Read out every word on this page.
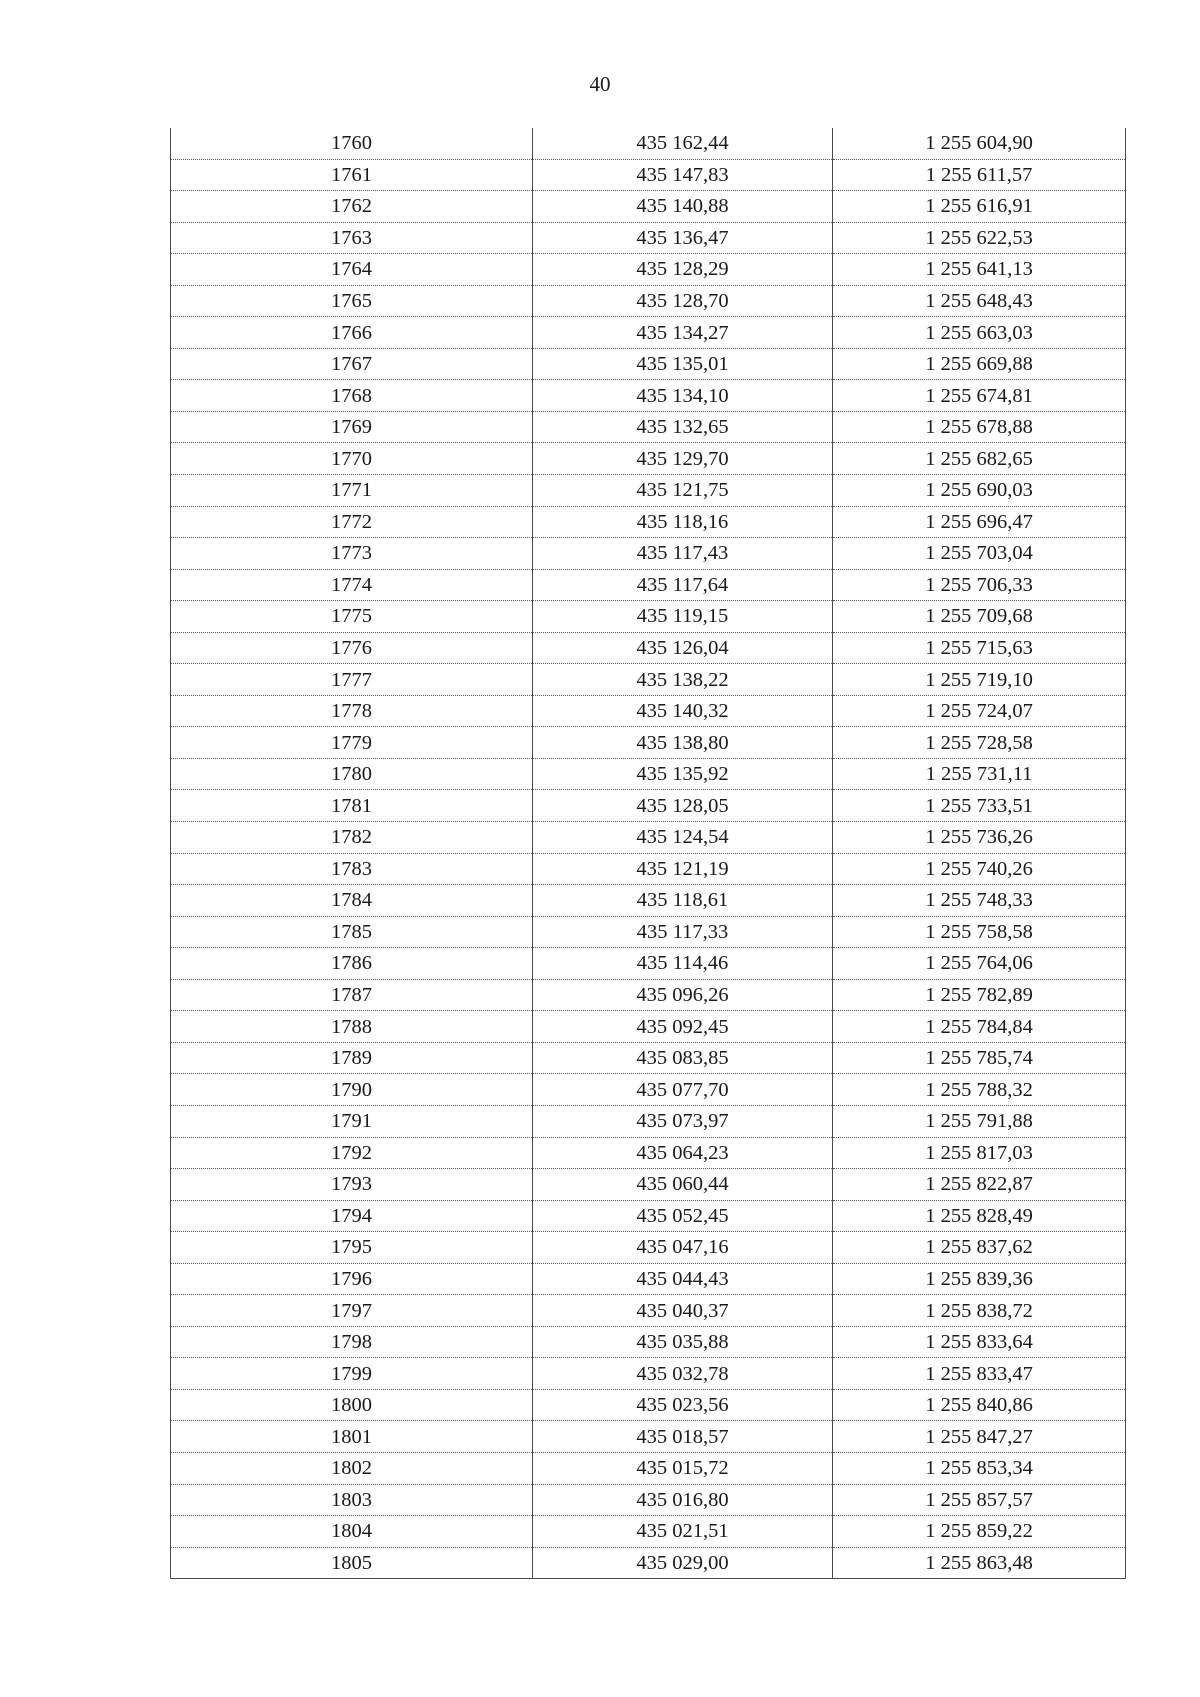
40
1760	435 162,44	1 255 604,90
1761	435 147,83	1 255 611,57
1762	435 140,88	1 255 616,91
1763	435 136,47	1 255 622,53
1764	435 128,29	1 255 641,13
1765	435 128,70	1 255 648,43
1766	435 134,27	1 255 663,03
1767	435 135,01	1 255 669,88
1768	435 134,10	1 255 674,81
1769	435 132,65	1 255 678,88
1770	435 129,70	1 255 682,65
1771	435 121,75	1 255 690,03
1772	435 118,16	1 255 696,47
1773	435 117,43	1 255 703,04
1774	435 117,64	1 255 706,33
1775	435 119,15	1 255 709,68
1776	435 126,04	1 255 715,63
1777	435 138,22	1 255 719,10
1778	435 140,32	1 255 724,07
1779	435 138,80	1 255 728,58
1780	435 135,92	1 255 731,11
1781	435 128,05	1 255 733,51
1782	435 124,54	1 255 736,26
1783	435 121,19	1 255 740,26
1784	435 118,61	1 255 748,33
1785	435 117,33	1 255 758,58
1786	435 114,46	1 255 764,06
1787	435 096,26	1 255 782,89
1788	435 092,45	1 255 784,84
1789	435 083,85	1 255 785,74
1790	435 077,70	1 255 788,32
1791	435 073,97	1 255 791,88
1792	435 064,23	1 255 817,03
1793	435 060,44	1 255 822,87
1794	435 052,45	1 255 828,49
1795	435 047,16	1 255 837,62
1796	435 044,43	1 255 839,36
1797	435 040,37	1 255 838,72
1798	435 035,88	1 255 833,64
1799	435 032,78	1 255 833,47
1800	435 023,56	1 255 840,86
1801	435 018,57	1 255 847,27
1802	435 015,72	1 255 853,34
1803	435 016,80	1 255 857,57
1804	435 021,51	1 255 859,22
1805	435 029,00	1 255 863,48
